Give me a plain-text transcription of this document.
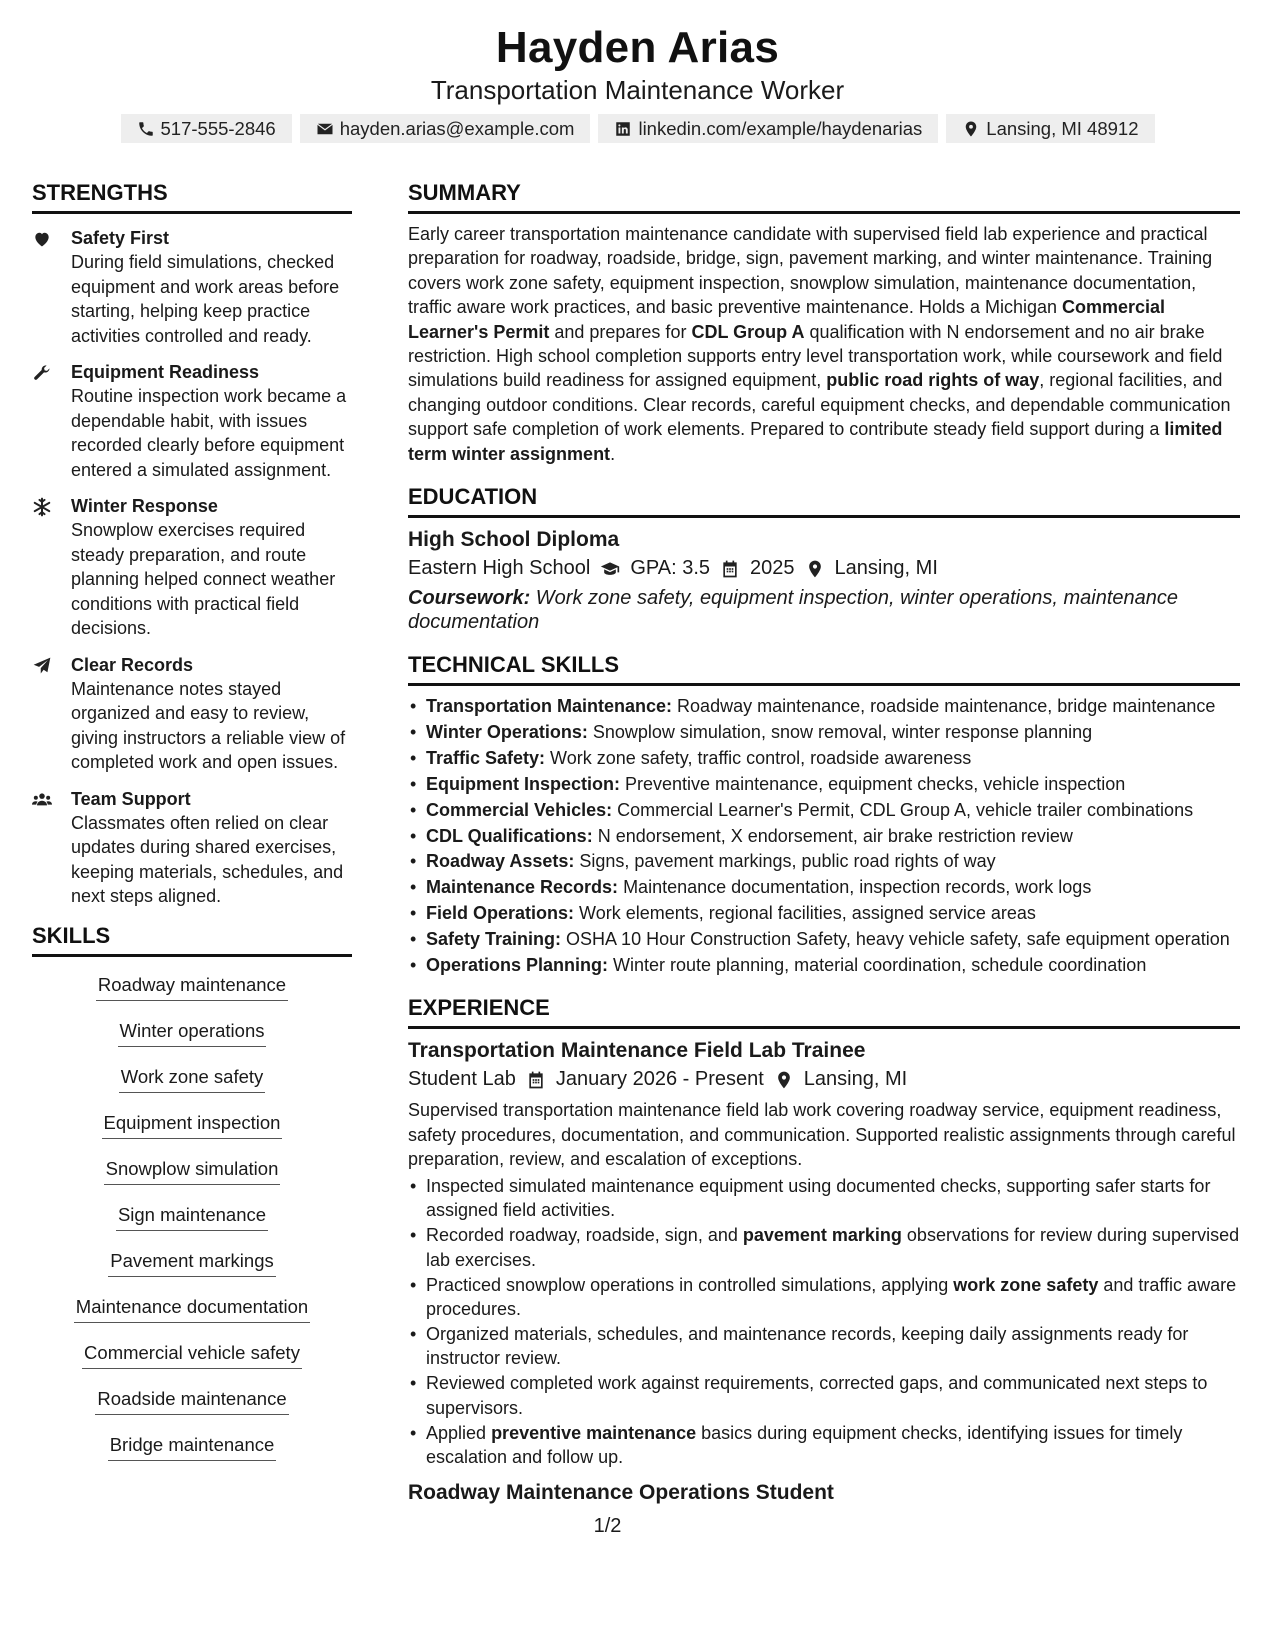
Hayden Arias
Transportation Maintenance Worker
517-555-2846	hayden.arias@example.com	linkedin.com/example/haydenarias	Lansing, MI 48912
STRENGTHS
Safety First
During field simulations, checked equipment and work areas before starting, helping keep practice activities controlled and ready.
Equipment Readiness
Routine inspection work became a dependable habit, with issues recorded clearly before equipment entered a simulated assignment.
Winter Response
Snowplow exercises required steady preparation, and route planning helped connect weather conditions with practical field decisions.
Clear Records
Maintenance notes stayed organized and easy to review, giving instructors a reliable view of completed work and open issues.
Team Support
Classmates often relied on clear updates during shared exercises, keeping materials, schedules, and next steps aligned.
SKILLS
Roadway maintenance
Winter operations
Work zone safety
Equipment inspection
Snowplow simulation
Sign maintenance
Pavement markings
Maintenance documentation
Commercial vehicle safety
Roadside maintenance
Bridge maintenance
SUMMARY
Early career transportation maintenance candidate with supervised field lab experience and practical preparation for roadway, roadside, bridge, sign, pavement marking, and winter maintenance. Training covers work zone safety, equipment inspection, snowplow simulation, maintenance documentation, traffic aware work practices, and basic preventive maintenance. Holds a Michigan Commercial Learner's Permit and prepares for CDL Group A qualification with N endorsement and no air brake restriction. High school completion supports entry level transportation work, while coursework and field simulations build readiness for assigned equipment, public road rights of way, regional facilities, and changing outdoor conditions. Clear records, careful equipment checks, and dependable communication support safe completion of work elements. Prepared to contribute steady field support during a limited term winter assignment.
EDUCATION
High School Diploma
Eastern High School GPA: 3.5 2025 Lansing, MI
Coursework: Work zone safety, equipment inspection, winter operations, maintenance documentation
TECHNICAL SKILLS
• Transportation Maintenance: Roadway maintenance, roadside maintenance, bridge maintenance
• Winter Operations: Snowplow simulation, snow removal, winter response planning
• Traffic Safety: Work zone safety, traffic control, roadside awareness
• Equipment Inspection: Preventive maintenance, equipment checks, vehicle inspection
• Commercial Vehicles: Commercial Learner's Permit, CDL Group A, vehicle trailer combinations
• CDL Qualifications: N endorsement, X endorsement, air brake restriction review
• Roadway Assets: Signs, pavement markings, public road rights of way
• Maintenance Records: Maintenance documentation, inspection records, work logs
• Field Operations: Work elements, regional facilities, assigned service areas
• Safety Training: OSHA 10 Hour Construction Safety, heavy vehicle safety, safe equipment operation
• Operations Planning: Winter route planning, material coordination, schedule coordination
EXPERIENCE
Transportation Maintenance Field Lab Trainee
Student Lab January 2026 - Present Lansing, MI
Supervised transportation maintenance field lab work covering roadway service, equipment readiness, safety procedures, documentation, and communication. Supported realistic assignments through careful preparation, review, and escalation of exceptions.
• Inspected simulated maintenance equipment using documented checks, supporting safer starts for assigned field activities.
• Recorded roadway, roadside, sign, and pavement marking observations for review during supervised lab exercises.
• Practiced snowplow operations in controlled simulations, applying work zone safety and traffic aware procedures.
• Organized materials, schedules, and maintenance records, keeping daily assignments ready for instructor review.
• Reviewed completed work against requirements, corrected gaps, and communicated next steps to supervisors.
• Applied preventive maintenance basics during equipment checks, identifying issues for timely escalation and follow up.
Roadway Maintenance Operations Student
1/2
